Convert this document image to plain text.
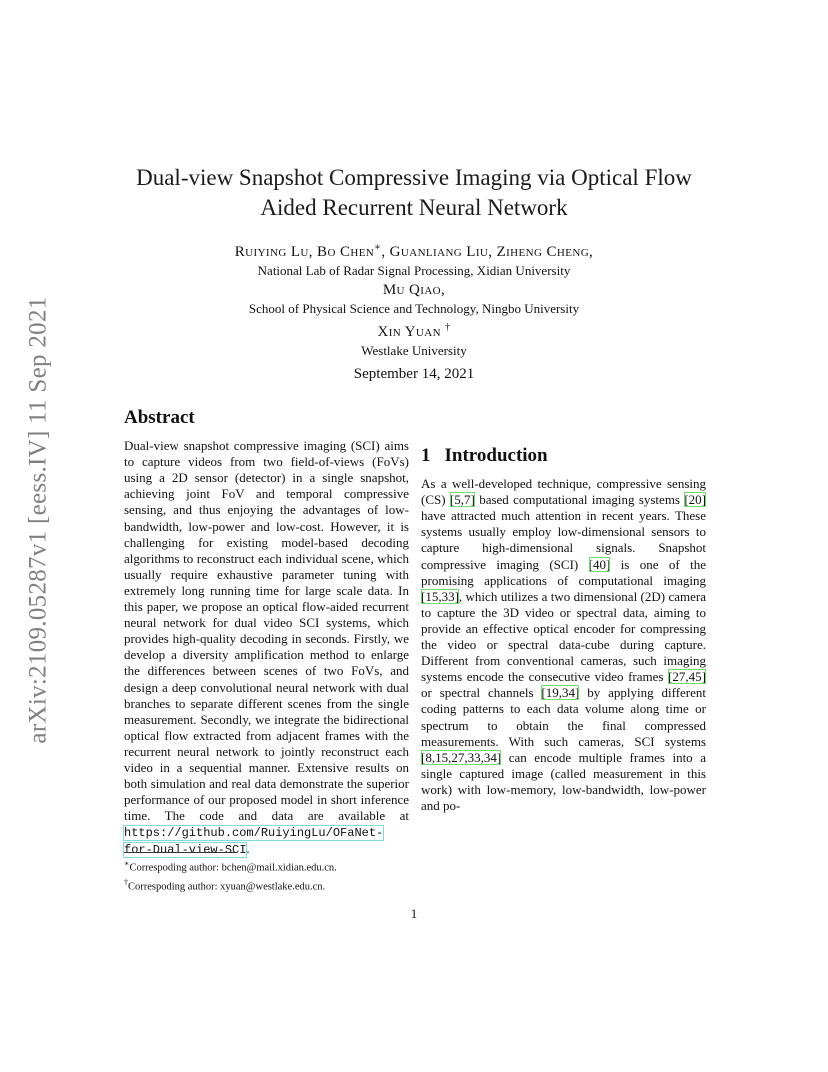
arXiv:2109.05287v1 [eess.IV] 11 Sep 2021
Dual-view Snapshot Compressive Imaging via Optical Flow
Aided Recurrent Neural Network
Ruiying Lu, Bo Chen∗, Guanliang Liu, Ziheng Cheng,
National Lab of Radar Signal Processing, Xidian University
Mu Qiao,
School of Physical Science and Technology, Ningbo University
Xin Yuan †
Westlake University
September 14, 2021
Abstract

Dual-view snapshot compressive imaging (SCI) aims to capture videos from two field-of-views (FoVs) using a 2D sensor (detector) in a single snapshot, achieving joint FoV and temporal compressive sensing, and thus enjoying the advantages of low-bandwidth, low-power and low-cost. However, it is challenging for existing model-based decoding algorithms to reconstruct each individual scene, which usually require exhaustive parameter tuning with extremely long running time for large scale data. In this paper, we propose an optical flow-aided recurrent neural network for dual video SCI systems, which provides high-quality decoding in seconds. Firstly, we develop a diversity amplification method to enlarge the differences between scenes of two FoVs, and design a deep convolutional neural network with dual branches to separate different scenes from the single measurement. Secondly, we integrate the bidirectional optical flow extracted from adjacent frames with the recurrent neural network to jointly reconstruct each video in a sequential manner. Extensive results on both simulation and real data demonstrate the superior performance of our proposed model in short inference time. The code and data are available at https://github.com/RuiyingLu/OFaNet-for-Dual-view-SCI.

1 Introduction

As a well-developed technique, compressive sensing (CS) [5,7] based computational imaging systems [20] have attracted much attention in recent years. These systems usually employ low-dimensional sensors to capture high-dimensional signals. Snapshot compressive imaging (SCI) [40] is one of the promising applications of computational imaging [15,33], which utilizes a two dimensional (2D) camera to capture the 3D video or spectral data, aiming to provide an effective optical encoder for compressing the video or spectral data-cube during capture. Different from conventional cameras, such imaging systems encode the consecutive video frames [27,45] or spectral channels [19,34] by applying different coding patterns to each data volume along time or spectrum to obtain the final compressed measurements. With such cameras, SCI systems [8,15,27,33,34] can encode multiple frames into a single captured image (called measurement in this work) with low-memory, low-bandwidth, low-power and po-

∗Correspoding author: bchen@mail.xidian.edu.cn.
†Correspoding author: xyuan@westlake.edu.cn.
1
